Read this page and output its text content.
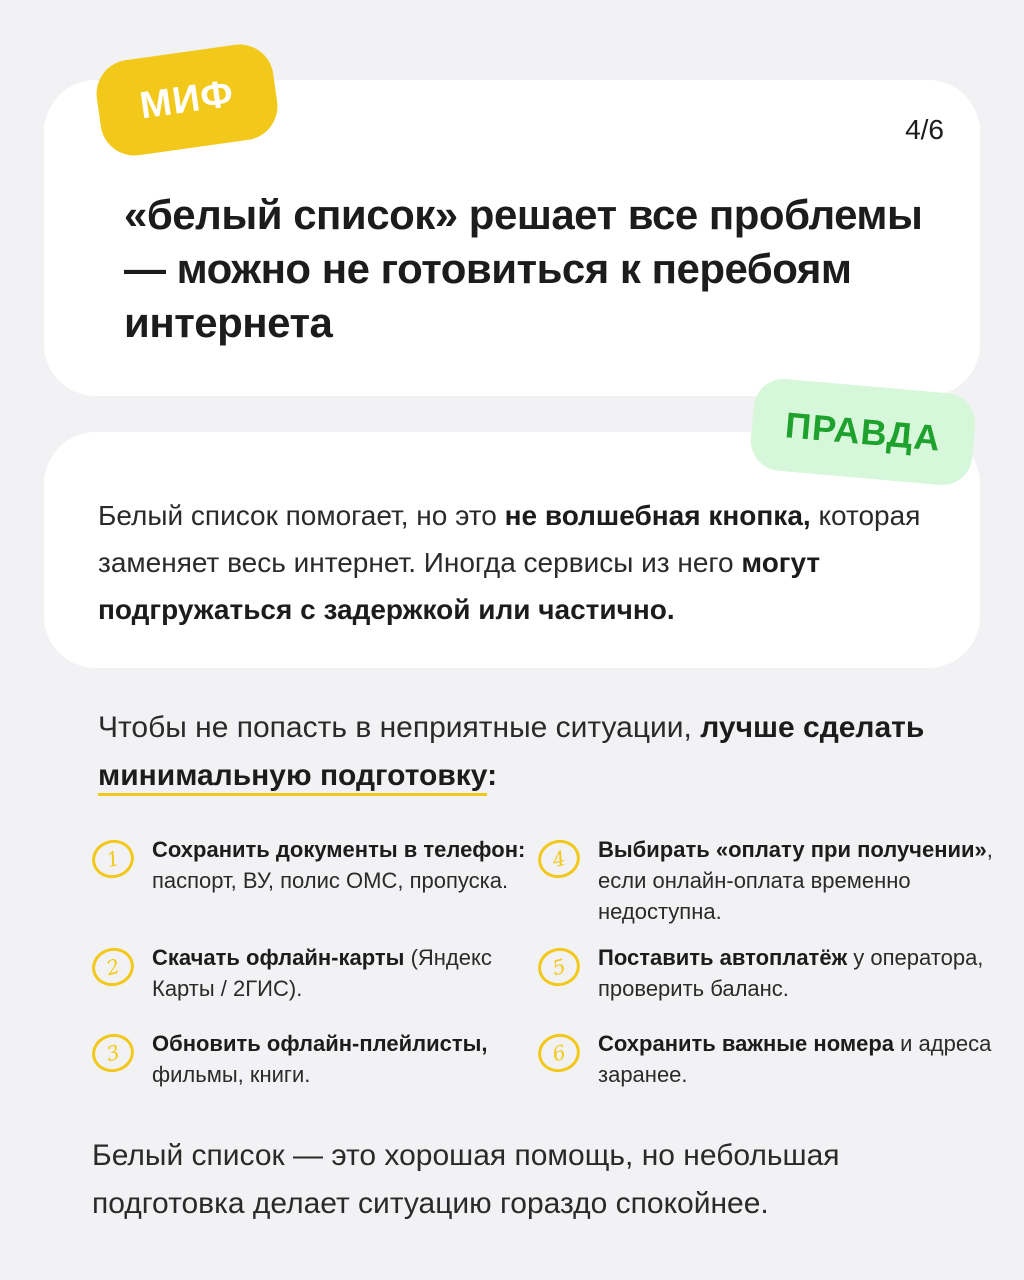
МИФ
4/6
«белый список» решает все проблемы — можно не готовиться к перебоям интернета
ПРАВДА
Белый список помогает, но это не волшебная кнопка, которая заменяет весь интернет. Иногда сервисы из него могут подгружаться с задержкой или частично.
Чтобы не попасть в неприятные ситуации, лучше сделать минимальную подготовку:
1	Сохранить документы в телефон: паспорт, ВУ, полис ОМС, пропуска.
2	Скачать офлайн-карты (Яндекс Карты / 2ГИС).
3	Обновить офлайн-плейлисты, фильмы, книги.
4	Выбирать «оплату при получении», если онлайн-оплата временно недоступна.
5	Поставить автоплатёж у оператора, проверить баланс.
6	Сохранить важные номера и адреса заранее.
Белый список — это хорошая помощь, но небольшая подготовка делает ситуацию гораздо спокойнее.
